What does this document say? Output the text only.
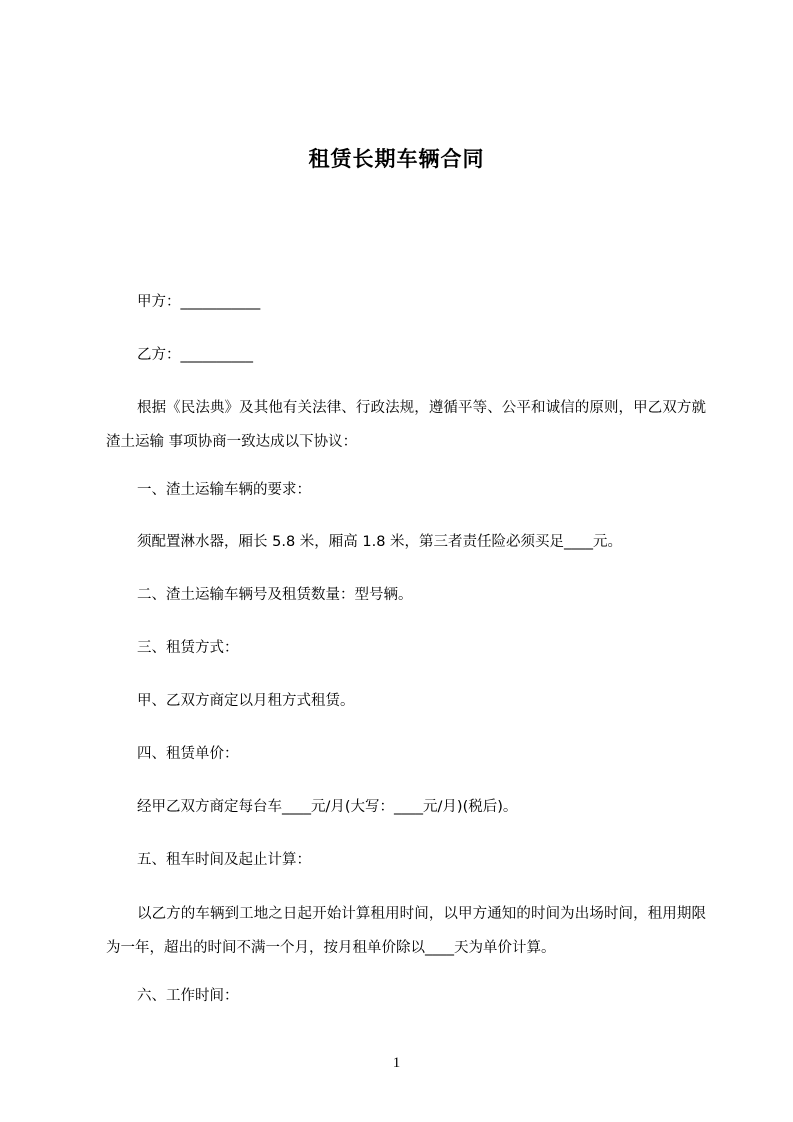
租赁长期车辆合同
甲方：___________
乙方：__________
根据《民法典》及其他有关法律、行政法规，遵循平等、公平和诚信的原则，甲乙双方就渣土运输 事项协商一致达成以下协议：
一、渣土运输车辆的要求：
须配置淋水器，厢长 5.8 米，厢高 1.8 米，第三者责任险必须买足____元。
二、渣土运输车辆号及租赁数量：型号辆。
三、租赁方式：
甲、乙双方商定以月租方式租赁。
四、租赁单价：
经甲乙双方商定每台车____元/月(大写：____元/月)(税后)。
五、租车时间及起止计算：
以乙方的车辆到工地之日起开始计算租用时间，以甲方通知的时间为出场时间，租用期限为一年，超出的时间不满一个月，按月租单价除以____天为单价计算。
六、工作时间：
1
